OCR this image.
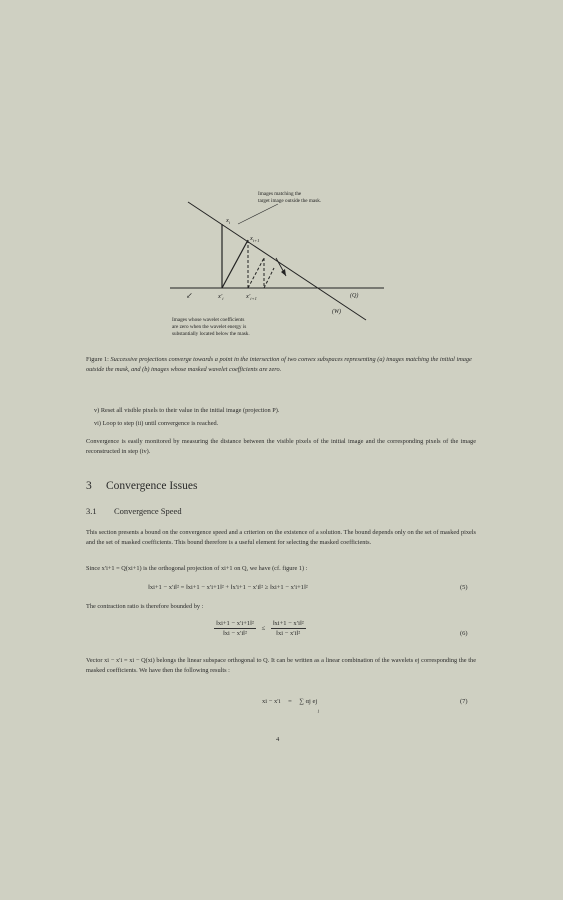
Images matching the
target image outside the mask.
↙
$x_i$
$x_{i+1}$
$x'_i$	$x'_{i+1}$	(Q)
(W)
Images whose wavelet coefficients
are zero when the wavelet energy is
substantially located below the mask.

Figure 1: Successive projections converge towards a point in the intersection of two convex subspaces representing (a) images matching the initial image outside the mask, and (b) images whose masked wavelet coefficients are zero.

v) Reset all visible pixels to their value in the initial image (projection P).
vi) Loop to step (ii) until convergence is reached.

Convergence is easily monitored by measuring the distance between the visible pixels of the initial image and the corresponding pixels of the image reconstructed in step (iv).

3 Convergence Issues
3.1 Convergence Speed

This section presents a bound on the convergence speed and a criterion on the existence of a solution. The bound depends only on the set of masked pixels and the set of masked coefficients. This bound therefore is a useful element for selecting the masked coefficients.

Since x′i+1 = Q(xi+1) is the orthogonal projection of xi+1 on Q, we have (cf. figure 1) :

‖xi+1 − x′i‖² = ‖xi+1 − x′i+1‖² + ‖x′i+1 − x′i‖² ≥ ‖xi+1 − x′i+1‖²	(5)

The contraction ratio is therefore bounded by :

$\frac{\text{‖xi+1 − x′i+1‖²}}{\text{‖xi − x′i‖²}} \le \frac{\text{‖xi+1 − x′i‖²}}{\text{‖xi − x′i‖²}}$	(6)

Vector xi − x′i = xi − Q(xi) belongs the linear subspace orthogonal to Q. It can be written as a linear combination of the wavelets ej corresponding the the masked coefficients. We have then the following results :

xi − x′i = ∑ αj ej
j
(7)
4
